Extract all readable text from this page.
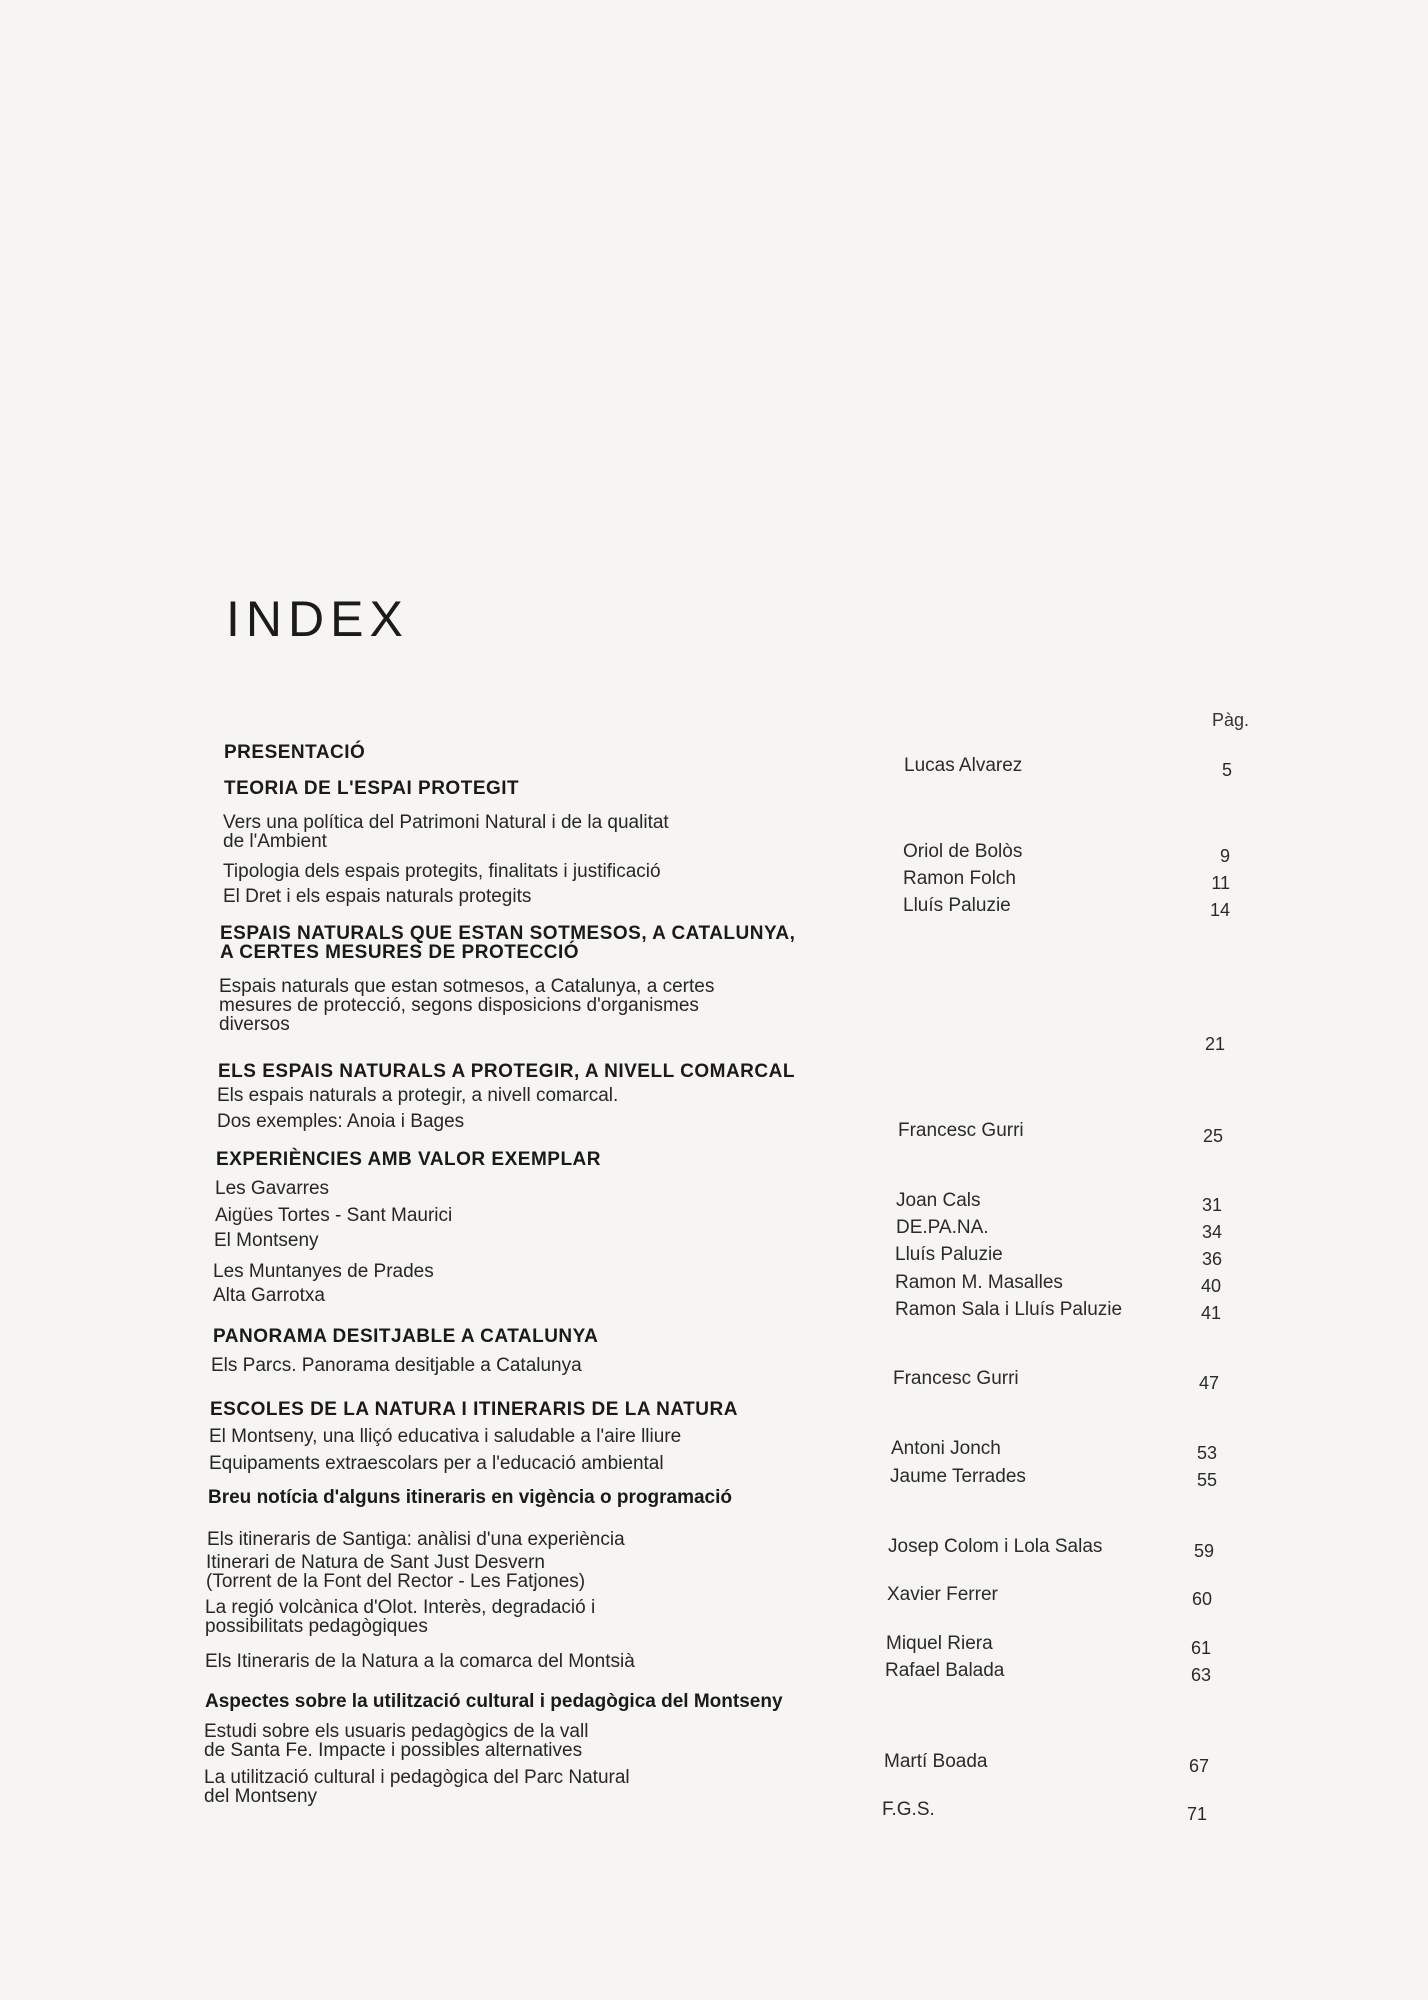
INDEX
Pàg.
PRESENTACIÓ
TEORIA DE L'ESPAI PROTEGIT
ESPAIS NATURALS QUE ESTAN SOTMESOS, A CATALUNYA,
A CERTES MESURES DE PROTECCIÓ
ELS ESPAIS NATURALS A PROTEGIR, A NIVELL COMARCAL
EXPERIÈNCIES AMB VALOR EXEMPLAR
PANORAMA DESITJABLE A CATALUNYA
ESCOLES DE LA NATURA I ITINERARIS DE LA NATURA
Breu notícia d'alguns itineraris en vigència o programació
Aspectes sobre la utilització cultural i pedagògica del Montseny
Vers una política del Patrimoni Natural i de la qualitat
de l'Ambient
Tipologia dels espais protegits, finalitats i justificació
El Dret i els espais naturals protegits
Espais naturals que estan sotmesos, a Catalunya, a certes
mesures de protecció, segons disposicions d'organismes
diversos
Els espais naturals a protegir, a nivell comarcal.
Dos exemples: Anoia i Bages
Les Gavarres
Aigües Tortes - Sant Maurici
El Montseny
Les Muntanyes de Prades
Alta Garrotxa
Els Parcs. Panorama desitjable a Catalunya
El Montseny, una lliçó educativa i saludable a l'aire lliure
Equipaments extraescolars per a l'educació ambiental
Els itineraris de Santiga: anàlisi d'una experiència
Itinerari de Natura de Sant Just Desvern
(Torrent de la Font del Rector - Les Fatjones)
La regió volcànica d'Olot. Interès, degradació i
possibilitats pedagògiques
Els Itineraris de la Natura a la comarca del Montsià
Estudi sobre els usuaris pedagògics de la vall
de Santa Fe. Impacte i possibles alternatives
La utilització cultural i pedagògica del Parc Natural
del Montseny
Lucas Alvarez
Oriol de Bolòs
Ramon Folch
Lluís Paluzie
Francesc Gurri
Joan Cals
DE.PA.NA.
Lluís Paluzie
Ramon M. Masalles
Ramon Sala i Lluís Paluzie
Francesc Gurri
Antoni Jonch
Jaume Terrades
Josep Colom i Lola Salas
Xavier Ferrer
Miquel Riera
Rafael Balada
Martí Boada
F.G.S.
5
9
11
14
21
25
31
34
36
40
41
47
53
55
59
60
61
63
67
71
